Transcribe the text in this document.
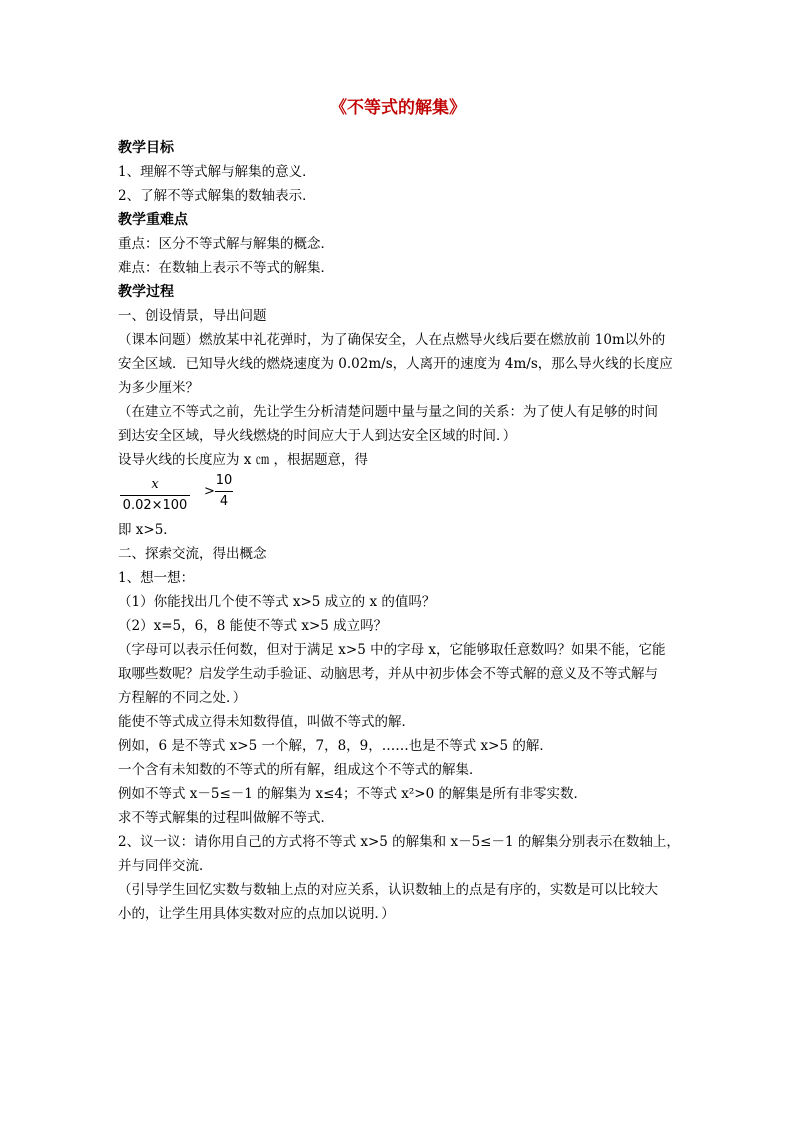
《不等式的解集》

教学目标

1、理解不等式解与解集的意义．

2、了解不等式解集的数轴表示．

教学重难点

重点：区分不等式解与解集的概念．

难点：在数轴上表示不等式的解集．

教学过程

一、创设情景，导出问题

（课本问题）燃放某中礼花弹时，为了确保安全，人在点燃导火线后要在燃放前 10m以外的

安全区域．已知导火线的燃烧速度为 0.02m/s，人离开的速度为 4m/s，那么导火线的长度应

为多少厘米？

（在建立不等式之前，先让学生分析清楚问题中量与量之间的关系：为了使人有足够的时间

到达安全区域，导火线燃烧的时间应大于人到达安全区域的时间．）

设导火线的长度应为 x ㎝ ，根据题意，得

x
0.02×100
>
10
4

即 x>5．

二、探索交流，得出概念

1、想一想：

（1）你能找出几个使不等式 x>5 成立的 x 的值吗？

（2）x=5，6，8 能使不等式 x>5 成立吗？

（字母可以表示任何数，但对于满足 x>5 中的字母 x，它能够取任意数吗？如果不能，它能

取哪些数呢？启发学生动手验证、动脑思考，并从中初步体会不等式解的意义及不等式解与

方程解的不同之处．）

能使不等式成立得未知数得值，叫做不等式的解．

例如，6 是不等式 x>5 一个解，7，8，9，……也是不等式 x>5 的解．

一个含有未知数的不等式的所有解，组成这个不等式的解集．

例如不等式 x－5≤－1 的解集为 x≤4；不等式 x²>0 的解集是所有非零实数．

求不等式解集的过程叫做解不等式．

2、议一议：请你用自己的方式将不等式 x>5 的解集和 x－5≤－1 的解集分别表示在数轴上，

并与同伴交流．

（引导学生回忆实数与数轴上点的对应关系，认识数轴上的点是有序的，实数是可以比较大

小的，让学生用具体实数对应的点加以说明．）
